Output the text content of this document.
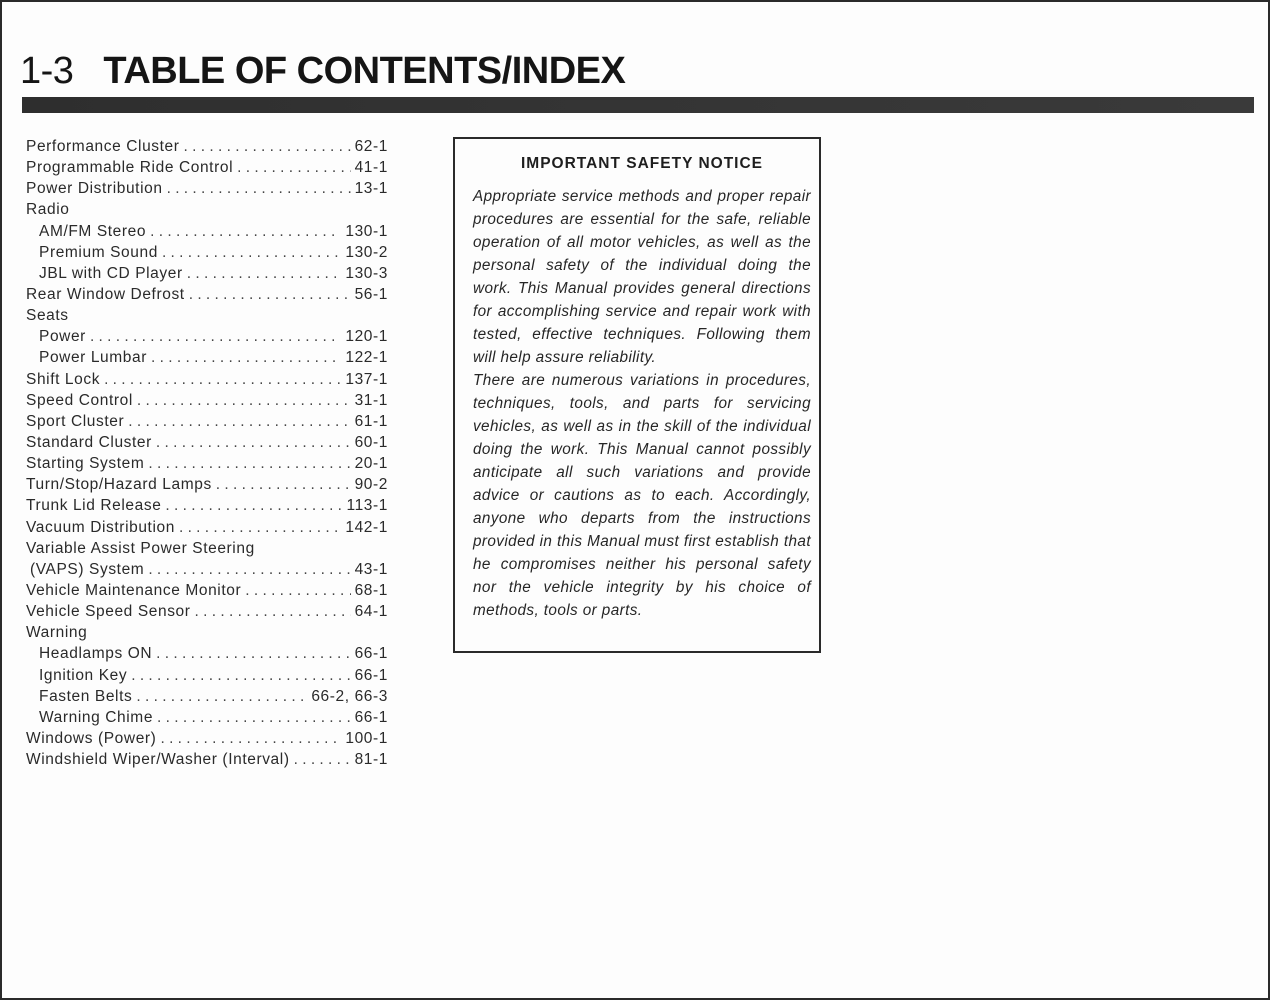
1-3 TABLE OF CONTENTS/INDEX
Performance Cluster . . .	62-1
Programmable Ride Control . . .	41-1
Power Distribution . . .	13-1
Radio
AM/FM Stereo . . .	130-1
Premium Sound . . .	130-2
JBL with CD Player . . .	130-3
Rear Window Defrost . . .	56-1
Seats
Power . . .	120-1
Power Lumbar . . .	122-1
Shift Lock . . .	137-1
Speed Control . . .	31-1
Sport Cluster . . .	61-1
Standard Cluster . . .	60-1
Starting System . . .	20-1
Turn/Stop/Hazard Lamps . . .	90-2
Trunk Lid Release . . .	113-1
Vacuum Distribution . . .	142-1
Variable Assist Power Steering
(VAPS) System . . .	43-1
Vehicle Maintenance Monitor . . .	68-1
Vehicle Speed Sensor . . .	64-1
Warning
Headlamps ON . . .	66-1
Ignition Key . . .	66-1
Fasten Belts . . .	66-2, 66-3
Warning Chime . . .	66-1
Windows (Power) . . .	100-1
Windshield Wiper/Washer (Interval) . . .	81-1
IMPORTANT SAFETY NOTICE

Appropriate service methods and proper repair procedures are essential for the safe, reliable operation of all motor vehicles, as well as the personal safety of the individual doing the work. This Manual provides general directions for accomplishing service and repair work with tested, effective techniques. Following them will help assure reliability.

There are numerous variations in procedures, techniques, tools, and parts for servicing vehicles, as well as in the skill of the individual doing the work. This Manual cannot possibly anticipate all such variations and provide advice or cautions as to each. Accordingly, anyone who departs from the instructions provided in this Manual must first establish that he compromises neither his personal safety nor the vehicle integrity by his choice of methods, tools or parts.
